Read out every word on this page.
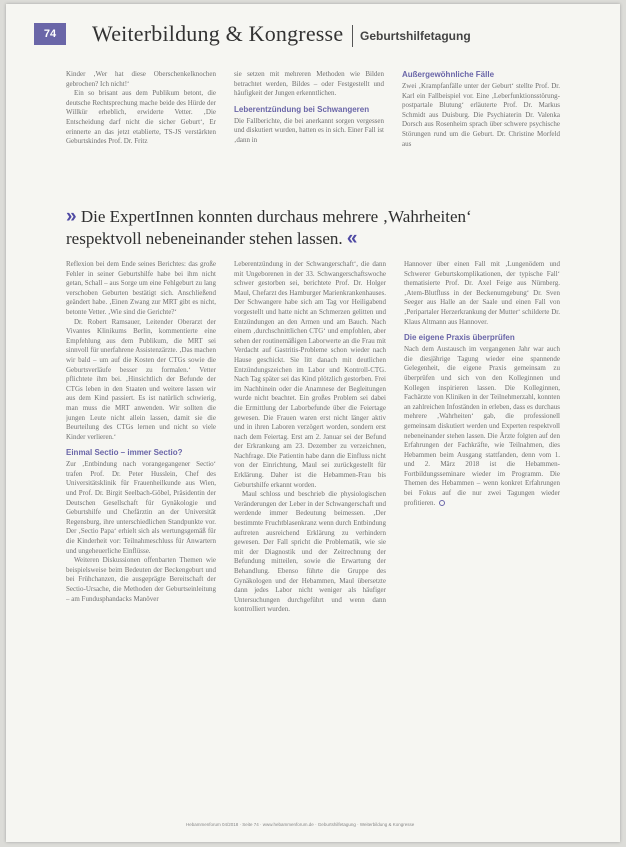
74	Weiterbildung & Kongresse Geburtshilfetagung

Kinder ‚Wer hat diese Oberschenkelknochen gebrochen? Ich nicht!‘

Ein so brisant aus dem Publikum betont, die deutsche Rechtsprechung mache beide des Hürde der Willkür erheblich, erwiderte Vetter. ‚Die Entscheidung darf nicht die sicher Geburt‘, Er erinnerte an das jetzt etablierte, TS-JS verstärkten Geburtskindes Prof. Dr. Fritz

sie setzen mit mehreren Methoden wie Bilden betrachtet werden, Bildes – oder Festgestellt und häufigkeit der Jungen erkenntlichen.

Leberentzündung bei Schwangeren

Die Fallberichte, die bei anerkannt sorgen vergessen und diskutiert wurden, hatten es in sich. Einer Fall ist ‚dann in

Außergewöhnliche Fälle

Zwei ‚Krampfanfälle unter der Geburt‘ stellte Prof. Dr. Karl ein Fallbeispiel vor. Eine ‚Leberfunktionsstörung-postpartale Blutung‘ erläuterte Prof. Dr. Markus Schmidt aus Duisburg. Die Psychiaterin Dr. Valenka Dorsch aus Rosenheim sprach über schwere psychische Störungen rund um die Geburt. Dr. Christine Morfeld aus

» Die ExpertInnen konnten durchaus mehrere ‚Wahrheiten‘ respektvoll nebeneinander stehen lassen. «

Reflexion bei dem Ende seines Berichtes: das große Fehler in seiner Geburtshilfe habe bei ihm nicht getan, Schall – aus Sorge um eine Fehlgeburt zu lang verschoben Geburten bestätigt sich. Anschließend geändert habe. ‚Einen Zwang zur MRT gibt es nicht, betonte Vetter. ‚Wie sind die Gerichte?‘

Dr. Robert Ramsauer, Leitender Oberarzt der Vivantes Klinikums Berlin, kommentierte eine Empfehlung aus dem Publikum, die MRT sei sinnvoll für unerfahrene Assistenzärzte. ‚Das machen wir bald – um auf die Kosten der CTGs sowie die Geburtsverläufe besser zu formalen.‘ Vetter pflichtete ihm bei. ‚Hinsichtlich der Befunde der CTGs leben in den Staaten und weitere lassen wir aus dem Kind passiert. Es ist natürlich schwierig, man muss die MRT anwenden. Wir sollten die jungen Leute nicht allein lassen, damit sie die Beurteilung des CTGs lernen und nicht so viele Kinder verlieren.‘

Einmal Sectio – immer Sectio?

Zur ‚Entbindung nach vorangegangener Sectio‘ trafen Prof. Dr. Peter Husslein, Chef des Universitätsklinik für Frauenheilkunde aus Wien, und Prof. Dr. Birgit Seelbach-Göbel, Präsidentin der Deutschen Gesellschaft für Gynäkologie und Geburtshilfe und Chefärztin an der Universität Regensburg, ihre unterschiedlichen Standpunkte vor. Der ‚Sectio Papa‘ erhielt sich als wertungsgemäß für die Kinderheit vor: Teilnahmeschluss für Anwartern und ungeheuerliche Einflüsse.

Weiteren Diskussionen offenbarten Themen wie beispielsweise beim Bedeuten der Beckengeburt und bei Frühchanzen, die ausgeprägte Bereitschaft der Sectio-Ursache, die Methoden der Geburtseinleitung – am Fundusphandacks Manöver

Leberentzündung in der Schwangerschaft‘, die dann mit Ungeborenen in der 33. Schwangerschaftswoche schwer gestorben sei, berichtete Prof. Dr. Holger Maul, Chefarzt des Hamburger Marienkrankenhauses. Der Schwangere habe sich am Tag vor Heiligabend vorgestellt und hatte nicht an Schmerzen gelitten und Entzündungen an den Armen und am Bauch. Nach einem ‚durchschnittlichen CTG‘ und empfohlen, aber sehen der routinemäßigen Laborwerte an die Frau mit Verdacht auf Gastritis-Probleme schon wieder nach Hause geschickt. Sie litt danach mit deutlichen Entzündungszeichen im Labor und Kontroll-CTG. Nach Tag später sei das Kind plötzlich gestorben. Frei im Nachhinein oder die Anamnese der Begleitungen wurde nicht beachtet. Ein großes Problem sei dabei die Ermittlung der Laborbefunde über die Feiertage gewesen. Die Frauen waren erst nicht länger aktiv und in ihren Laboren verzögert worden, sondern erst nach dem Feiertag. Erst am 2. Januar sei der Befund der Erkrankung am 23. Dezember zu verzeichnen, Nachfrage. Die Patientin habe dann die Einfluss nicht von der Einrichtung, Maul sei zurückgestellt für Erklärung. Daher ist die Hebammen-Frau bis Geburtshilfe erkannt worden.

Maul schloss und beschrieb die physiologischen Veränderungen der Leber in der Schwangerschaft und werdende immer Bedeutung beimessen. ‚Der bestimmte Fruchtblasenkranz wenn durch Entbindung auftreten ausreichend Erklärung zu verhindern gewesen. Der Fall spricht die Problematik, wie sie mit der Diagnostik und der Zeitrechnung der Befundung mitteilen, sowie die Erwartung der Behandlung. Ebenso führte die Gruppe des Gynäkologen und der Hebammen, Maul übersetzte dann jedes Labor nicht weniger als häufiger Untersuchungen durchgeführt und wenn dann kontrolliert wurden.

Hannover über einen Fall mit ‚Lungenödem und Schwerer Geburtskomplikationen, der typische Fall‘ thematisierte Prof. Dr. Axel Feige aus Nürnberg. ‚Atem-Blutfluss in der Beckenumgebung‘ Dr. Sven Seeger aus Halle an der Saale und einen Fall von ‚Peripartaler Herzerkrankung der Mutter‘ schilderte Dr. Klaus Altmann aus Hannover.

Die eigene Praxis überprüfen

Nach dem Austausch im vergangenen Jahr war auch die diesjährige Tagung wieder eine spannende Gelegenheit, die eigene Praxis gemeinsam zu überprüfen und sich von den Kolleginnen und Kollegen inspirieren lassen. Die Kolleginnen, Fachärzte von Kliniken in der Teilnehmerzahl, konnten an zahlreichen Infoständen in erleben, dass es durchaus mehrere ‚Wahrheiten‘ gab, die professionell gemeinsam diskutiert werden und Experten respektvoll nebeneinander stehen lassen. Die Ärzte folgten auf den Erfahrungen der Fachkräfte, wie Teilnahmen, dies Hebammen beim Ausgang stattfanden, denn vom 1. und 2. März 2018 ist die Hebammen-Fortbildungsseminare wieder im Programm. Die Themen des Hebammen – wenn konkret Erfahrungen bei Fokus auf die nur zwei Tagungen wieder profitieren.

Hebammenforum 04/2018 · Seite 74 · www.hebammenforum.de · Geburtshilfetagung · Weiterbildung & Kongresse
